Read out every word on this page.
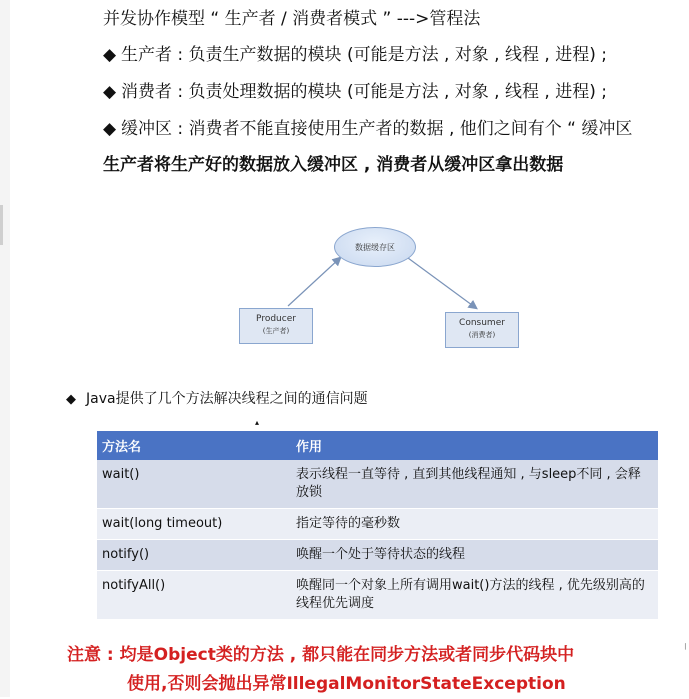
并发协作模型 “ 生产者 / 消费者模式 ” --->管程法
◆ 生产者 : 负责生产数据的模块 (可能是方法 , 对象 , 线程 , 进程) ;
◆ 消费者 : 负责处理数据的模块 (可能是方法 , 对象 , 线程 , 进程) ;
◆ 缓冲区 : 消费者不能直接使用生产者的数据 , 他们之间有个 “ 缓冲区
生产者将生产好的数据放入缓冲区 , 消费者从缓冲区拿出数据
数据缓存区
Producer
(生产者)
Consumer
(消费者)
◆ Java提供了几个方法解决线程之间的通信问题
▴
方法名	作用
wait()	表示线程一直等待 , 直到其他线程通知 , 与sleep不同 , 会释放锁
wait(long timeout)	指定等待的毫秒数
notify()	唤醒一个处于等待状态的线程
notifyAll()	唤醒同一个对象上所有调用wait()方法的线程 , 优先级别高的线程优先调度
注意 : 均是Object类的方法 , 都只能在同步方法或者同步代码块中
使用,否则会抛出异常IllegalMonitorStateException
╷
